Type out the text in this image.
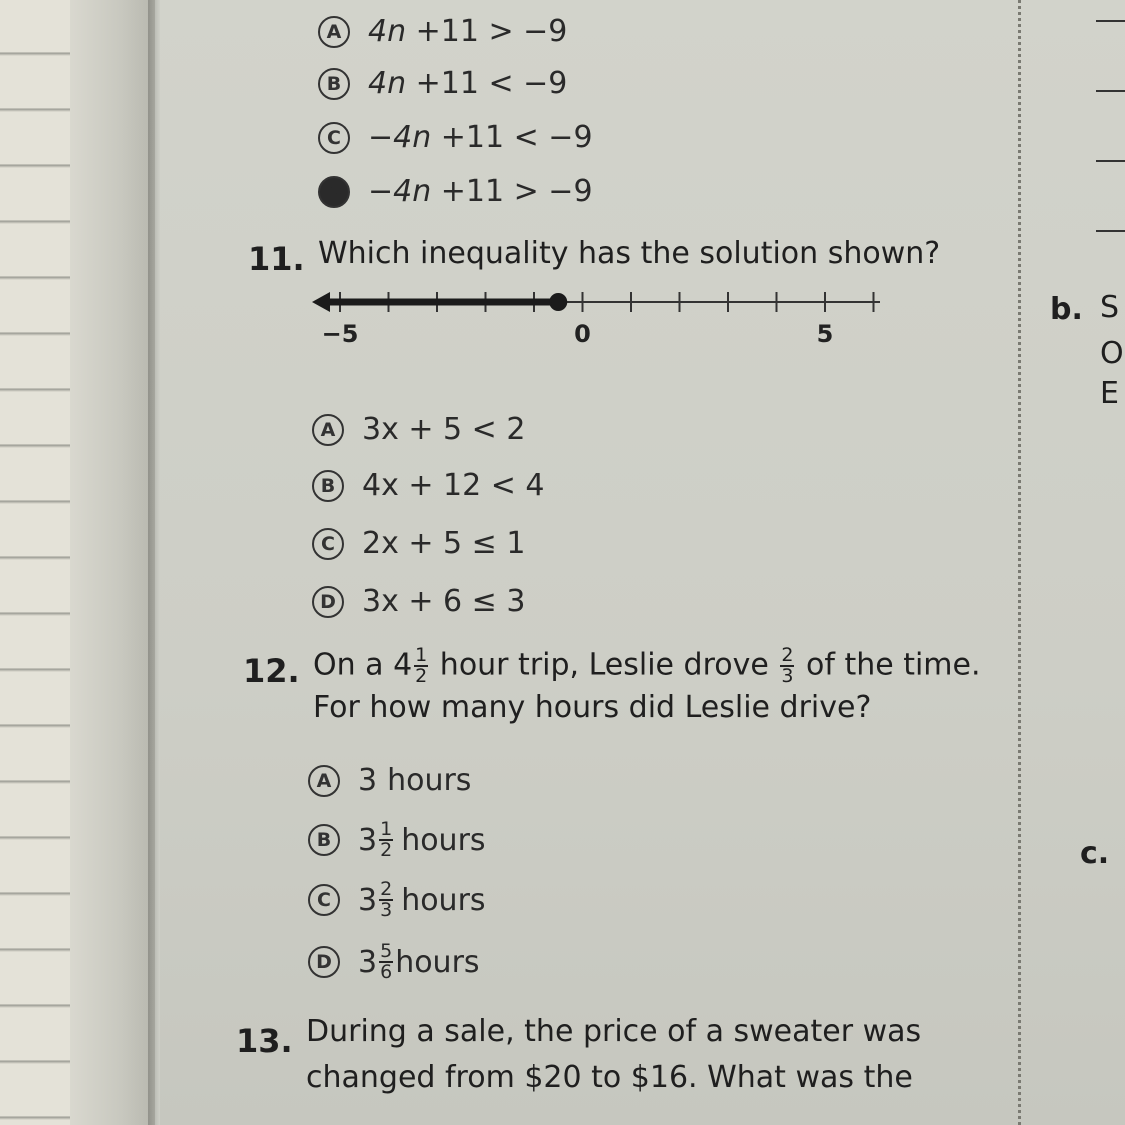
A 4n +11 > −9
B 4n +11 < −9
C − 4n +11 < −9
D − 4n +11 > −9
11. Which inequality has the solution shown?
−5	0	5
A 3x + 5 < 2
B 4x + 12 < 4
C 2x + 5 ≤ 1
D 3x + 6 ≤ 3
12. On a $4 \frac{1}{2}$ hour trip, Leslie drove $\frac{2}{3}$ of the time.
For how many hours did Leslie drive?
A 3 hours
B $3 \frac{1}{2}$ hours
C $3 \frac{2}{3}$ hours
D $3 \frac{5}{6}$ hours
13. During a sale, the price of a sweater was
changed from $20 to $16. What was the
b. S
O
E
c.
